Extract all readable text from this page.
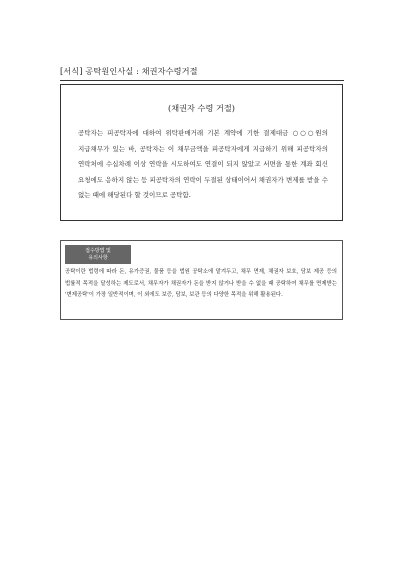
[서식] 공탁원인사실 : 채권자수령거절
(채권자 수령 거절)
공탁자는 피공탁자에 대하여 위탁판매거래 기본 계약에 기한 결제대금 ○○○원의 지급채무가 있는 바, 공탁자는 이 채무금액을 피공탁자에게 지급하기 위해 피공탁자의 연락처에 수십차례 이상 연락을 시도하여도 연결이 되지 않았고 서면을 통한 계좌 회신 요청에도 응하지 않는 등 피공탁자의 연락이 두절된 상태이어서 채권자가 변제를 받을 수 없는 때에 해당된다 할 것이므로 공탁함.
접수방법 및
유의사항
공탁이란 법령에 따라 돈, 유가증권, 물품 등을 법원 공탁소에 맡겨두고, 채무 면제, 채권자 보호, 담보 제공 등의 법률적 목적을 달성하는 제도로서, 채무자가 채권자가 돈을 받지 않거나 받을 수 없을 때 공탁하여 채무를 면제받는 '변제공탁'이 가장 일반적이며, 이 외에도 보증, 담보, 보관 등의 다양한 목적을 위해 활용된다.
